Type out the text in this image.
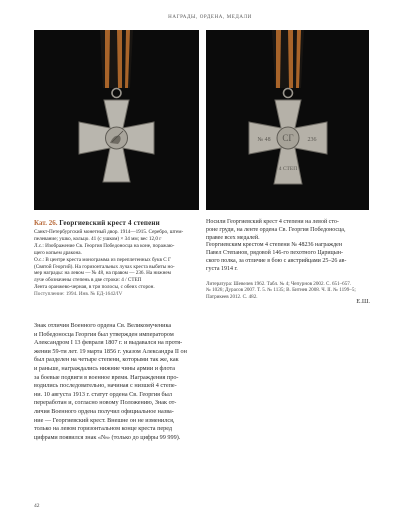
НАГРАДЫ, ОРДЕНА, МЕДАЛИ
СГ
№ 48	236
4 СТЕП
Кат. 26. Георгиевский крест 4 степени
Санкт-Петербургский монетный двор. 1914—1915. Серебро, штем-
пелевание; ушко, кольцо. 41 (с ушком) × 34 мм; вес 12,0 г
Л.с.: Изображение Св. Георгия Победоносца на коне, поражаю-
щего копьем дракона.
О.с.: В центре креста монограмма из переплетенных букв С Г
(Святой Георгий). На горизонтальных лучах креста выбиты но-
мер награды: на левом — № 48, на правом — 236. На нижнем
луче обозначены степень в две строки: 4 / СТЕП
Лента оранжево-черная, в три полосы, с обеих сторон.
Поступление: 1994. Инв. № ЕД-1642/IV
Носили Георгиевский крест 4 степени на левой сто-
роне груди, на ленте ордена Св. Георгия Победоносца,
правее всех медалей.
Георгиевским крестом 4 степени № 48236 награжден
Павел Степанов, рядовой 146-го пехотного Царицын-
ского полка, за отличие в бою с австрийцами 25–26 ав-
густа 1914 г.
Литература: Шевелев 1962. Табл. № 4; Чепурнов 2002. С. 651–657.
№ 1026; Дурасов 2007. Т. 5. № 1135; В. Битнев 2008. Ч. II. № 1199–5;
Патрикеев 2012. С. 482.
Е.Ш.
Знак отличия Военного ордена Св. Великомученика
и Победоносца Георгия был утвержден императором
Александром I 13 февраля 1807 г. и выдавался на протя-
жении 59-ти лет. 19 марта 1856 г. указом Александра II он
был разделен на четыре степени, которыми так же, как
и раньше, награждались нижние чины армии и флота
за боевые подвиги в военное время. Награждения про-
водились последовательно, начиная с низшей 4 степе-
ни. 10 августа 1913 г. статут ордена Св. Георгия был
переработан и, согласно новому Положению, Знак от-
личия Военного ордена получил официальное назва-
ние — Георгиевский крест. Внешне он не изменился,
только на левом горизонтальном конце креста перед
цифрами появился знак «№» (только до цифры 99 999).
42
